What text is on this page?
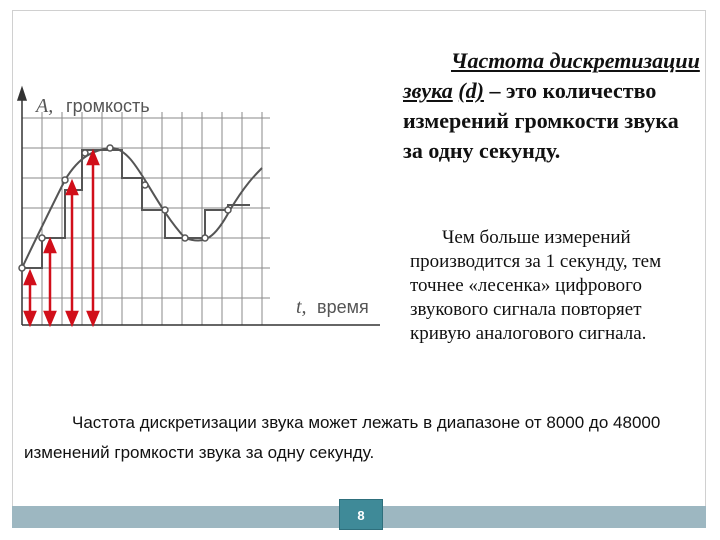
A, громкость
t, время
Частота дискретизации звука (d) – это количество измерений громкости звука за одну секунду.
Чем больше измерений производится за 1 секунду, тем точнее «лесенка» цифрового звукового сигнала повторяет кривую аналогового сигнала.
Частота дискретизации звука может лежать в диапазоне от 8000 до 48000 изменений громкости звука за одну секунду.
8
